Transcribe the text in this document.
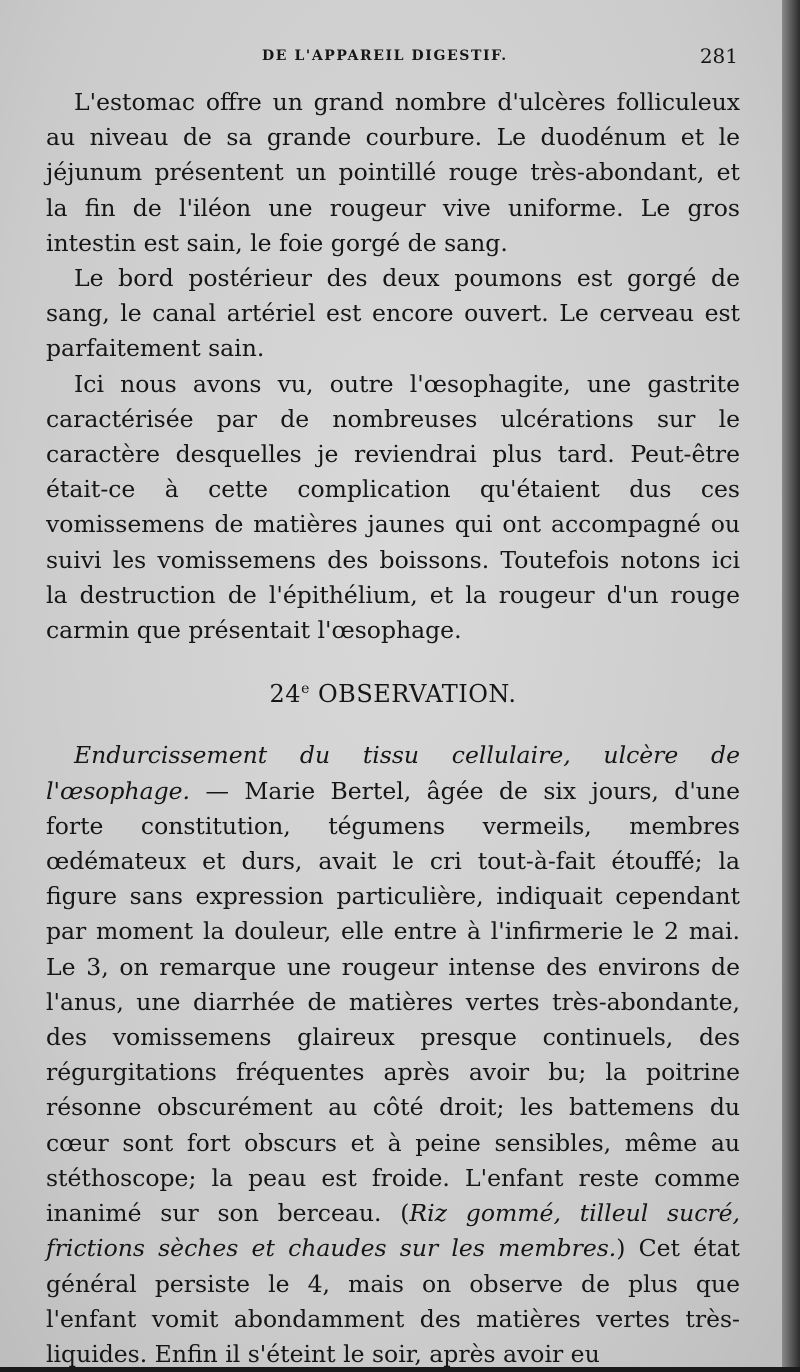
DE L'APPAREIL DIGESTIF.	281

L'estomac offre un grand nombre d'ulcères folliculeux au niveau de sa grande courbure. Le duodénum et le jéjunum présentent un pointillé rouge très-abondant, et la fin de l'iléon une rougeur vive uniforme. Le gros intestin est sain, le foie gorgé de sang.

Le bord postérieur des deux poumons est gorgé de sang, le canal artériel est encore ouvert. Le cerveau est parfaitement sain.

Ici nous avons vu, outre l'œsophagite, une gastrite caractérisée par de nombreuses ulcérations sur le caractère desquelles je reviendrai plus tard. Peut-être était-ce à cette complication qu'étaient dus ces vomissemens de matières jaunes qui ont accompagné ou suivi les vomissemens des boissons. Toutefois notons ici la destruction de l'épithélium, et la rougeur d'un rouge carmin que présentait l'œsophage.

24e OBSERVATION.

Endurcissement du tissu cellulaire, ulcère de l'œsophage. — Marie Bertel, âgée de six jours, d'une forte constitution, tégumens vermeils, membres œdémateux et durs, avait le cri tout-à-fait étouffé; la figure sans expression particulière, indiquait cependant par moment la douleur, elle entre à l'infirmerie le 2 mai. Le 3, on remarque une rougeur intense des environs de l'anus, une diarrhée de matières vertes très-abondante, des vomissemens glaireux presque continuels, des régurgitations fréquentes après avoir bu; la poitrine résonne obscurément au côté droit; les battemens du cœur sont fort obscurs et à peine sensibles, même au stéthoscope; la peau est froide. L'enfant reste comme inanimé sur son berceau. (Riz gommé, tilleul sucré, frictions sèches et chaudes sur les membres.) Cet état général persiste le 4, mais on observe de plus que l'enfant vomit abondamment des matières vertes très-liquides. Enfin il s'éteint le soir, après avoir eu
